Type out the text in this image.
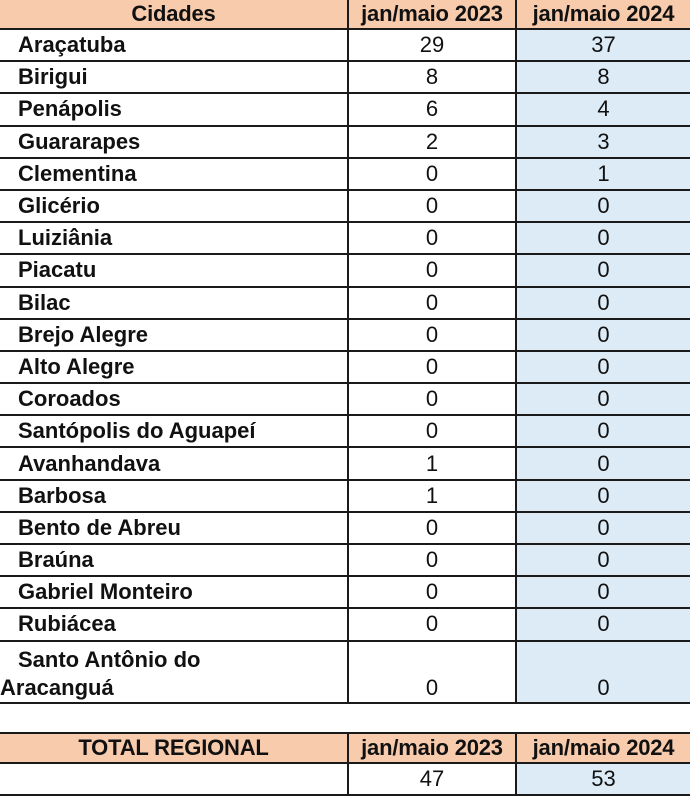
Cidades	jan/maio 2023	jan/maio 2024
Araçatuba	29	37
Birigui	8	8
Penápolis	6	4
Guararapes	2	3
Clementina	0	1
Glicério	0	0
Luiziânia	0	0
Piacatu	0	0
Bilac	0	0
Brejo Alegre	0	0
Alto Alegre	0	0
Coroados	0	0
Santópolis do Aguapeí	0	0
Avanhandava	1	0
Barbosa	1	0
Bento de Abreu	0	0
Braúna	0	0
Gabriel Monteiro	0	0
Rubiácea	0	0

Santo Antônio do
Aracanguá	0	0
TOTAL REGIONAL	jan/maio 2023	jan/maio 2024
	47	53
